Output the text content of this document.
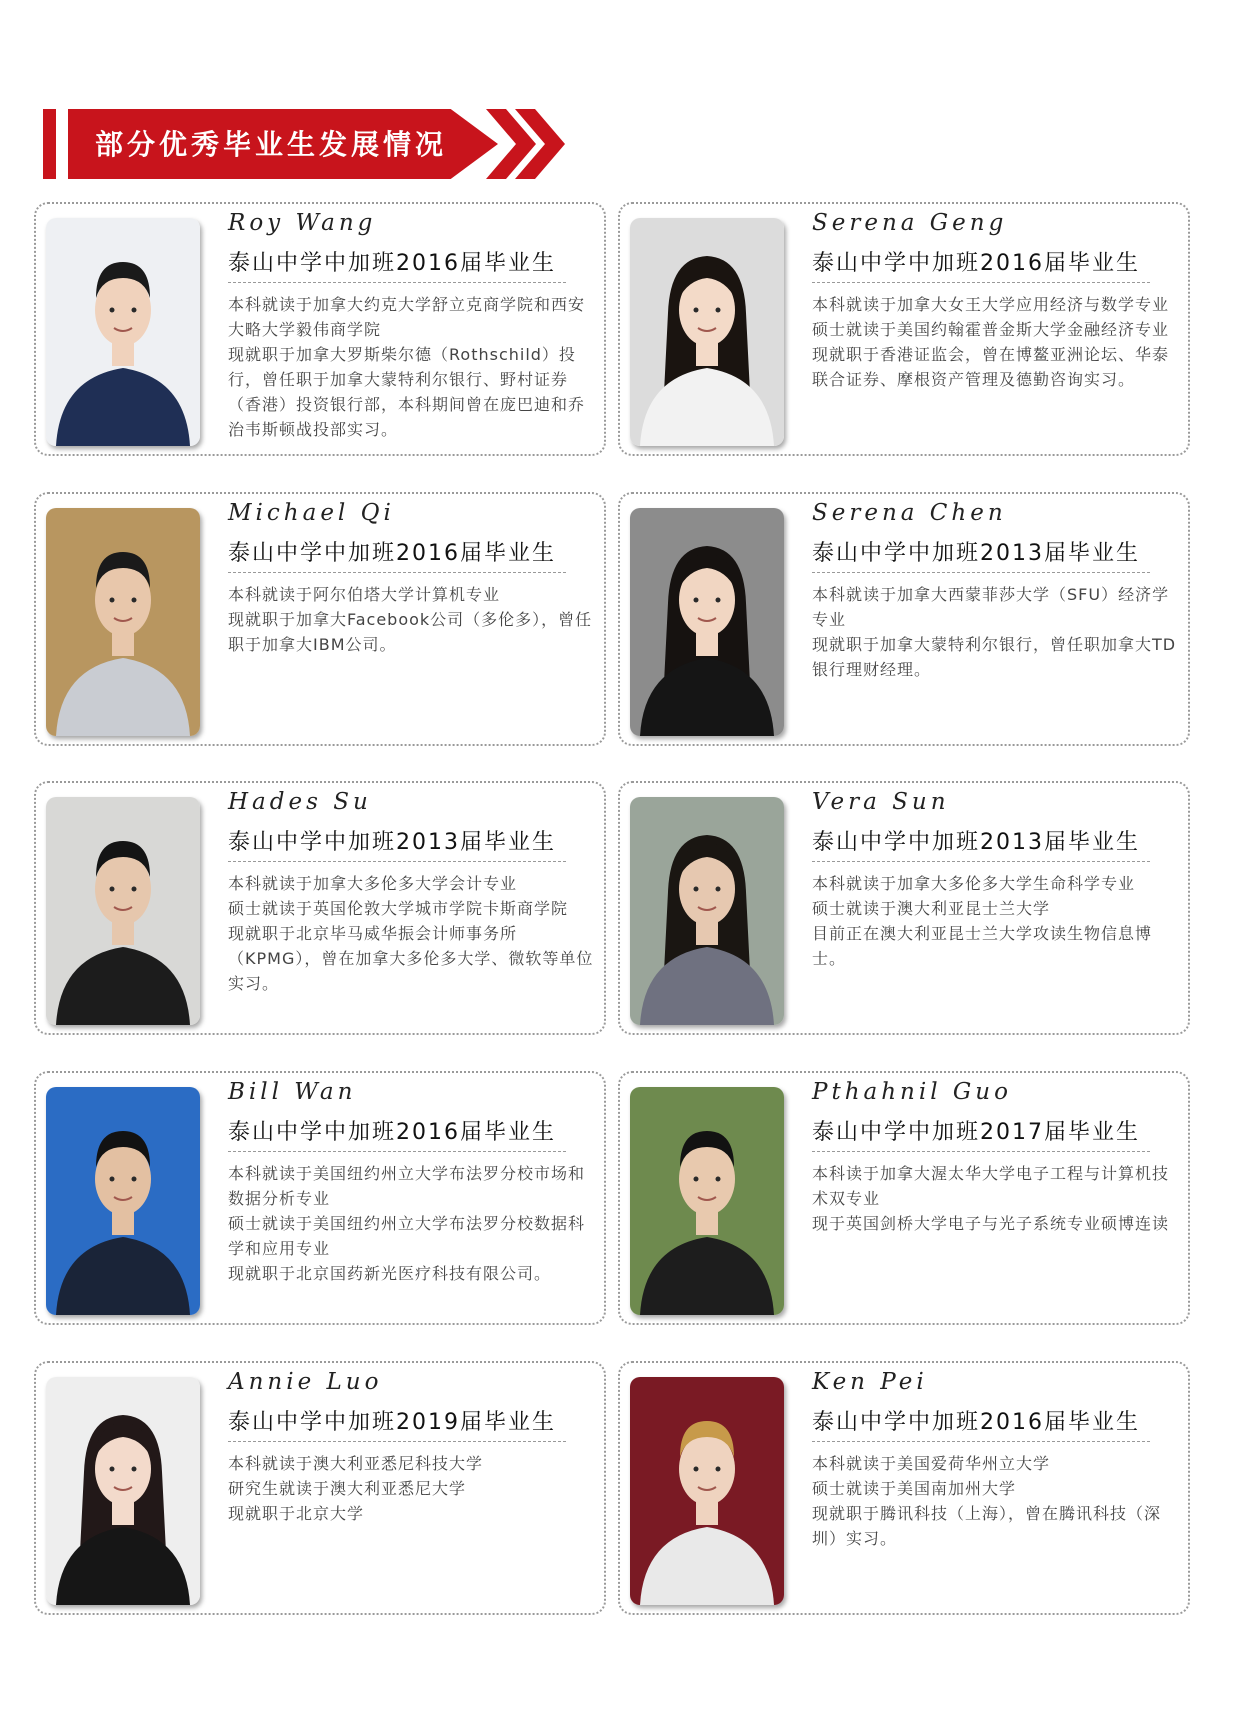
部分优秀毕业生发展情况
Roy Wang
泰山中学中加班2016届毕业生

本科就读于加拿大约克大学舒立克商学院和西安大略大学毅伟商学院

现就职于加拿大罗斯柴尔德（Rothschild）投行，曾任职于加拿大蒙特利尔银行、野村证券（香港）投资银行部，本科期间曾在庞巴迪和乔治韦斯顿战投部实习。

Serena Geng
泰山中学中加班2016届毕业生

本科就读于加拿大女王大学应用经济与数学专业

硕士就读于美国约翰霍普金斯大学金融经济专业

现就职于香港证监会，曾在博鳌亚洲论坛、华泰联合证券、摩根资产管理及德勤咨询实习。

Michael Qi
泰山中学中加班2016届毕业生

本科就读于阿尔伯塔大学计算机专业

现就职于加拿大Facebook公司（多伦多），曾任职于加拿大IBM公司。

Serena Chen
泰山中学中加班2013届毕业生

本科就读于加拿大西蒙菲莎大学（SFU）经济学专业

现就职于加拿大蒙特利尔银行，曾任职加拿大TD银行理财经理。

Hades Su
泰山中学中加班2013届毕业生

本科就读于加拿大多伦多大学会计专业

硕士就读于英国伦敦大学城市学院卡斯商学院

现就职于北京毕马威华振会计师事务所（KPMG），曾在加拿大多伦多大学、微软等单位实习。

Vera Sun
泰山中学中加班2013届毕业生

本科就读于加拿大多伦多大学生命科学专业

硕士就读于澳大利亚昆士兰大学

目前正在澳大利亚昆士兰大学攻读生物信息博士。

Bill Wan
泰山中学中加班2016届毕业生

本科就读于美国纽约州立大学布法罗分校市场和数据分析专业

硕士就读于美国纽约州立大学布法罗分校数据科学和应用专业

现就职于北京国药新光医疗科技有限公司。

Pthahnil Guo
泰山中学中加班2017届毕业生

本科读于加拿大渥太华大学电子工程与计算机技术双专业

现于英国剑桥大学电子与光子系统专业硕博连读

Annie Luo
泰山中学中加班2019届毕业生

本科就读于澳大利亚悉尼科技大学

研究生就读于澳大利亚悉尼大学

现就职于北京大学

Ken Pei
泰山中学中加班2016届毕业生

本科就读于美国爱荷华州立大学

硕士就读于美国南加州大学

现就职于腾讯科技（上海），曾在腾讯科技（深圳）实习。
